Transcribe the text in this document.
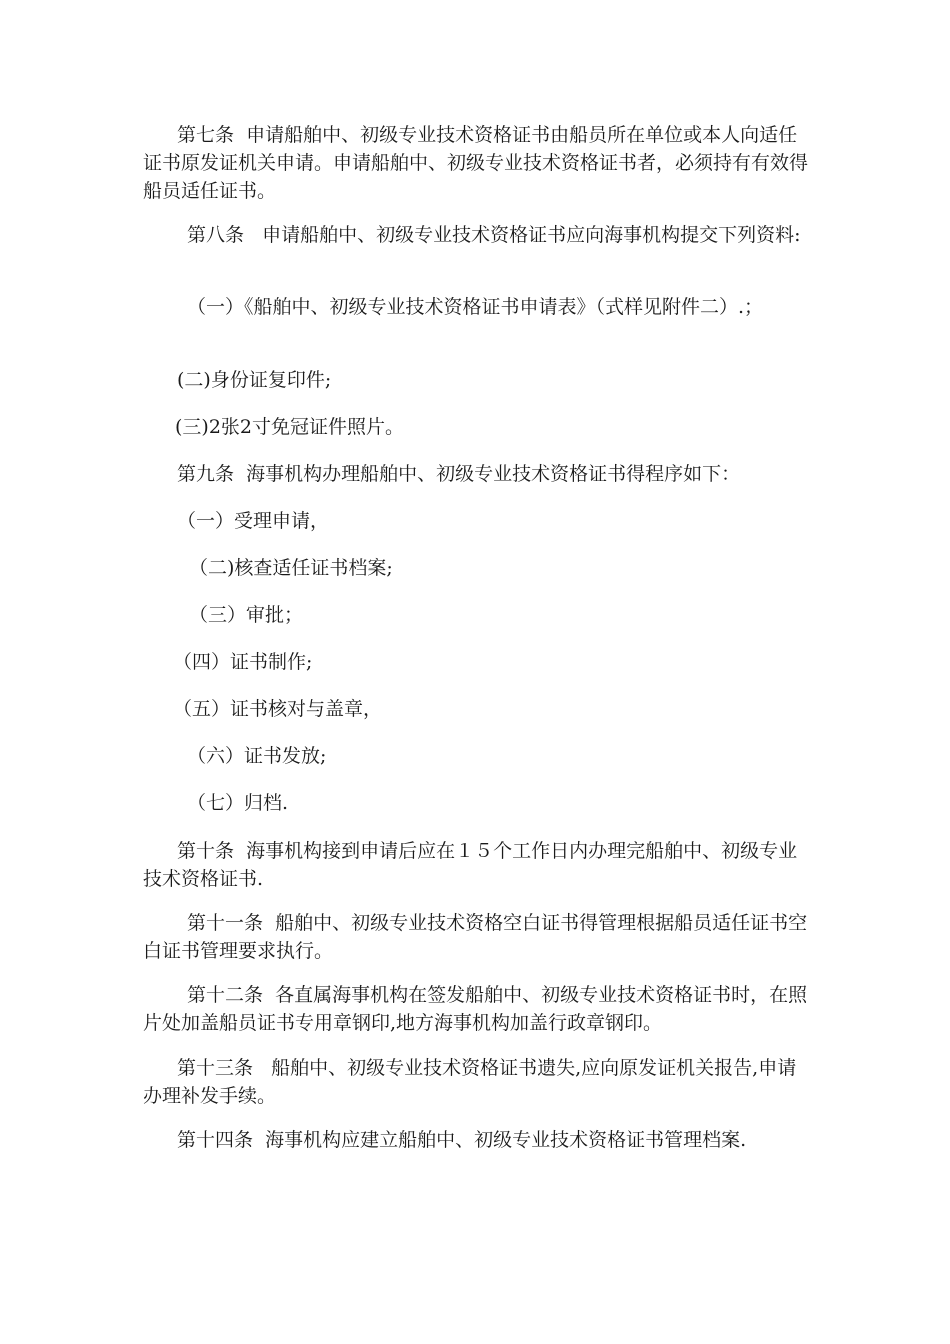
第七条  申请船舶中、初级专业技术资格证书由船员所在单位或本人向适任证书原发证机关申请。申请船舶中、初级专业技术资格证书者，必须持有有效得船员适任证书。

第八条   申请船舶中、初级专业技术资格证书应向海事机构提交下列资料:

（一）《船舶中、初级专业技术资格证书申请表》（式样见附件二）.；

(二)身份证复印件;

(三)2张2寸免冠证件照片。

第九条  海事机构办理船舶中、初级专业技术资格证书得程序如下：

（一）受理申请，

（二)核查适任证书档案;

（三）审批；

（四）证书制作;

（五）证书核对与盖章，

（六）证书发放;

（七）归档.

第十条  海事机构接到申请后应在１５个工作日内办理完船舶中、初级专业技术资格证书.

第十一条  船舶中、初级专业技术资格空白证书得管理根据船员适任证书空白证书管理要求执行。

第十二条  各直属海事机构在签发船舶中、初级专业技术资格证书时，在照片处加盖船员证书专用章钢印,地方海事机构加盖行政章钢印。

第十三条   船舶中、初级专业技术资格证书遗失,应向原发证机关报告,申请办理补发手续。

第十四条  海事机构应建立船舶中、初级专业技术资格证书管理档案.
